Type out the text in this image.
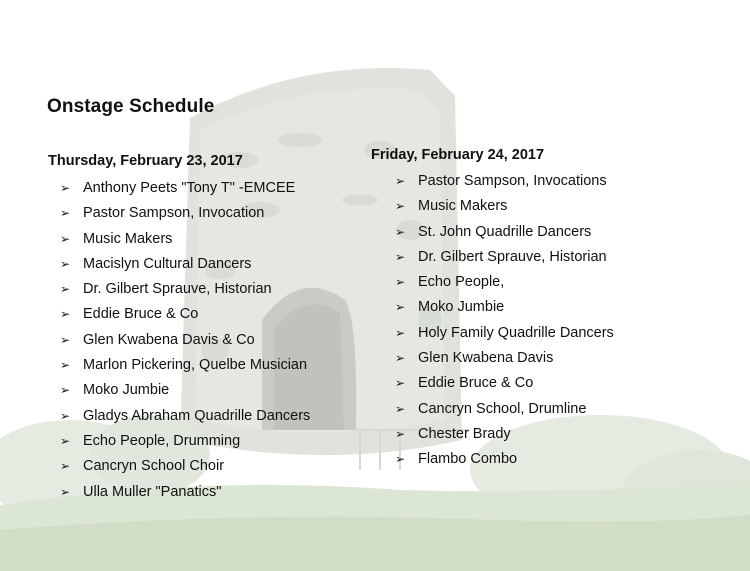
Onstage Schedule
Thursday, February 23, 2017
➢ Anthony Peets "Tony T" -EMCEE
➢ Pastor Sampson, Invocation
➢ Music Makers
➢ Macislyn Cultural Dancers
➢ Dr. Gilbert Sprauve, Historian
➢ Eddie Bruce & Co
➢ Glen Kwabena Davis & Co
➢ Marlon Pickering, Quelbe Musician
➢ Moko Jumbie
➢ Gladys Abraham Quadrille Dancers
➢ Echo People, Drumming
➢ Cancryn School Choir
➢ Ulla Muller "Panatics"
Friday, February 24, 2017
➢ Pastor Sampson, Invocations
➢ Music Makers
➢ St. John Quadrille Dancers
➢ Dr. Gilbert Sprauve, Historian
➢ Echo People,
➢ Moko Jumbie
➢ Holy Family Quadrille Dancers
➢ Glen Kwabena Davis
➢ Eddie Bruce & Co
➢ Cancryn School, Drumline
➢ Chester Brady
➢ Flambo Combo
